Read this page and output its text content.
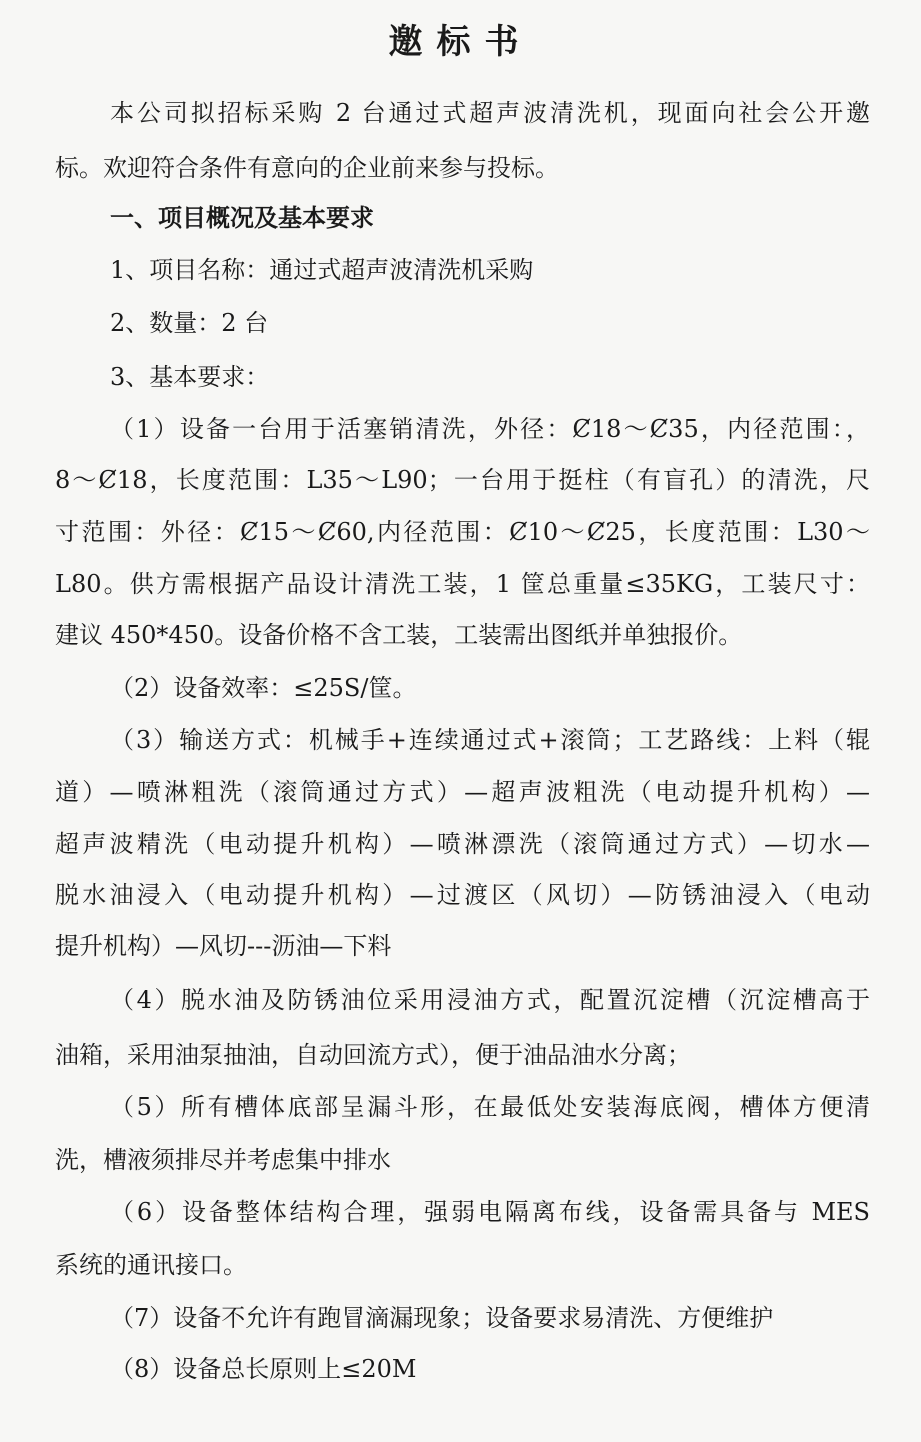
邀标书
本公司拟招标采购 2 台通过式超声波清洗机，现面向社会公开邀
标。欢迎符合条件有意向的企业前来参与投标。
一、项目概况及基本要求
1、项目名称：通过式超声波清洗机采购
2、数量：2 台
3、基本要求：
（1）设备一台用于活塞销清洗，外径：Ȼ18～Ȼ35，内径范围：，
8～Ȼ18，长度范围：L35～L90；一台用于挺柱（有盲孔）的清洗，尺
寸范围：外径：Ȼ15～Ȼ60,内径范围：Ȼ10～Ȼ25，长度范围：L30～
L80。供方需根据产品设计清洗工装，1 筐总重量≤35KG，工装尺寸：
建议 450*450。设备价格不含工装，工装需出图纸并单独报价。
（2）设备效率：≤25S/筐。
（3）输送方式：机械手+连续通过式+滚筒；工艺路线：上料（辊
道）—喷淋粗洗（滚筒通过方式）—超声波粗洗（电动提升机构）—
超声波精洗（电动提升机构）—喷淋漂洗（滚筒通过方式）—切水—
脱水油浸入（电动提升机构）—过渡区（风切）—防锈油浸入（电动
提升机构）—风切---沥油—下料
（4）脱水油及防锈油位采用浸油方式，配置沉淀槽（沉淀槽高于
油箱，采用油泵抽油，自动回流方式），便于油品油水分离；
（5）所有槽体底部呈漏斗形，在最低处安装海底阀，槽体方便清
洗，槽液须排尽并考虑集中排水
（6）设备整体结构合理，强弱电隔离布线，设备需具备与 MES
系统的通讯接口。
（7）设备不允许有跑冒滴漏现象；设备要求易清洗、方便维护
（8）设备总长原则上≤20M
